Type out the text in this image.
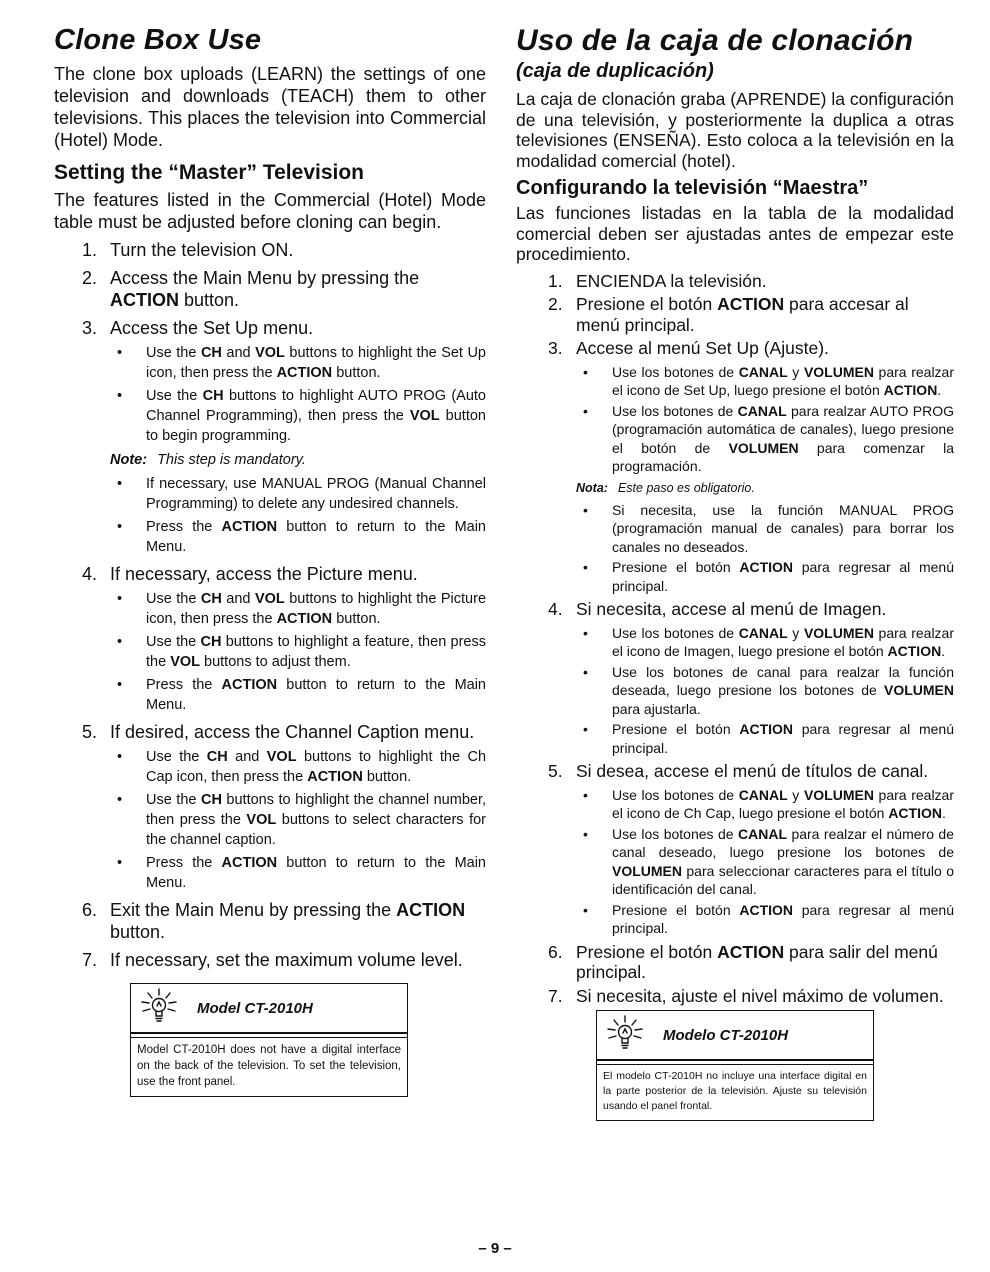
Clone Box Use

The clone box uploads (LEARN) the settings of one television and downloads (TEACH) them to other televisions. This places the television into Commercial (Hotel) Mode.

Setting the “Master” Television

The features listed in the Commercial (Hotel) Mode table must be adjusted before cloning can begin.

1. Turn the television ON.
2. Access the Main Menu by pressing the ACTION button.
3. Access the Set Up menu.
• Use the CH and VOL buttons to highlight the Set Up icon, then press the ACTION button.
• Use the CH buttons to highlight AUTO PROG (Auto Channel Programming), then press the VOL button to begin programming.
Note: This step is mandatory.
• If necessary, use MANUAL PROG (Manual Channel Programming) to delete any undesired channels.
• Press the ACTION button to return to the Main Menu.
4. If necessary, access the Picture menu.
• Use the CH and VOL buttons to highlight the Picture icon, then press the ACTION button.
• Use the CH buttons to highlight a feature, then press the VOL buttons to adjust them.
• Press the ACTION button to return to the Main Menu.
5. If desired, access the Channel Caption menu.
• Use the CH and VOL buttons to highlight the Ch Cap icon, then press the ACTION button.
• Use the CH buttons to highlight the channel number, then press the VOL buttons to select characters for the channel caption.
• Press the ACTION button to return to the Main Menu.
6. Exit the Main Menu by pressing the ACTION button.
7. If necessary, set the maximum volume level.
Model CT-2010H
Model CT-2010H does not have a digital interface on the back of the television. To set the television, use the front panel.
Uso de la caja de clonación
(caja de duplicación)

La caja de clonación graba (APRENDE) la configuración de una televisión, y posteriormente la duplica a otras televisiones (ENSEÑA). Esto coloca a la televisión en la modalidad comercial (hotel).

Configurando la televisión “Maestra”

Las funciones listadas en la tabla de la modalidad comercial deben ser ajustadas antes de empezar este procedimiento.

1. ENCIENDA la televisión.
2. Presione el botón ACTION para accesar al menú principal.
3. Accese al menú Set Up (Ajuste).
• Use los botones de CANAL y VOLUMEN para realzar el icono de Set Up, luego presione el botón ACTION.
• Use los botones de CANAL para realzar AUTO PROG (programación automática de canales), luego presione el botón de VOLUMEN para comenzar la programación.
Nota: Este paso es obligatorio.
• Si necesita, use la función MANUAL PROG (programación manual de canales) para borrar los canales no deseados.
• Presione el botón ACTION para regresar al menú principal.
4. Si necesita, accese al menú de Imagen.
• Use los botones de CANAL y VOLUMEN para realzar el icono de Imagen, luego presione el botón ACTION.
• Use los botones de canal para realzar la función deseada, luego presione los botones de VOLUMEN para ajustarla.
• Presione el botón ACTION para regresar al menú principal.
5. Si desea, accese el menú de títulos de canal.
• Use los botones de CANAL y VOLUMEN para realzar el icono de Ch Cap, luego presione el botón ACTION.
• Use los botones de CANAL para realzar el número de canal deseado, luego presione los botones de VOLUMEN para seleccionar caracteres para el título o identificación del canal.
• Presione el botón ACTION para regresar al menú principal.
6. Presione el botón ACTION para salir del menú principal.
7. Si necesita, ajuste el nivel máximo de volumen.
Modelo CT-2010H
El modelo CT-2010H no incluye una interface digital en la parte posterior de la televisión. Ajuste su televisión usando el panel frontal.
– 9 –
